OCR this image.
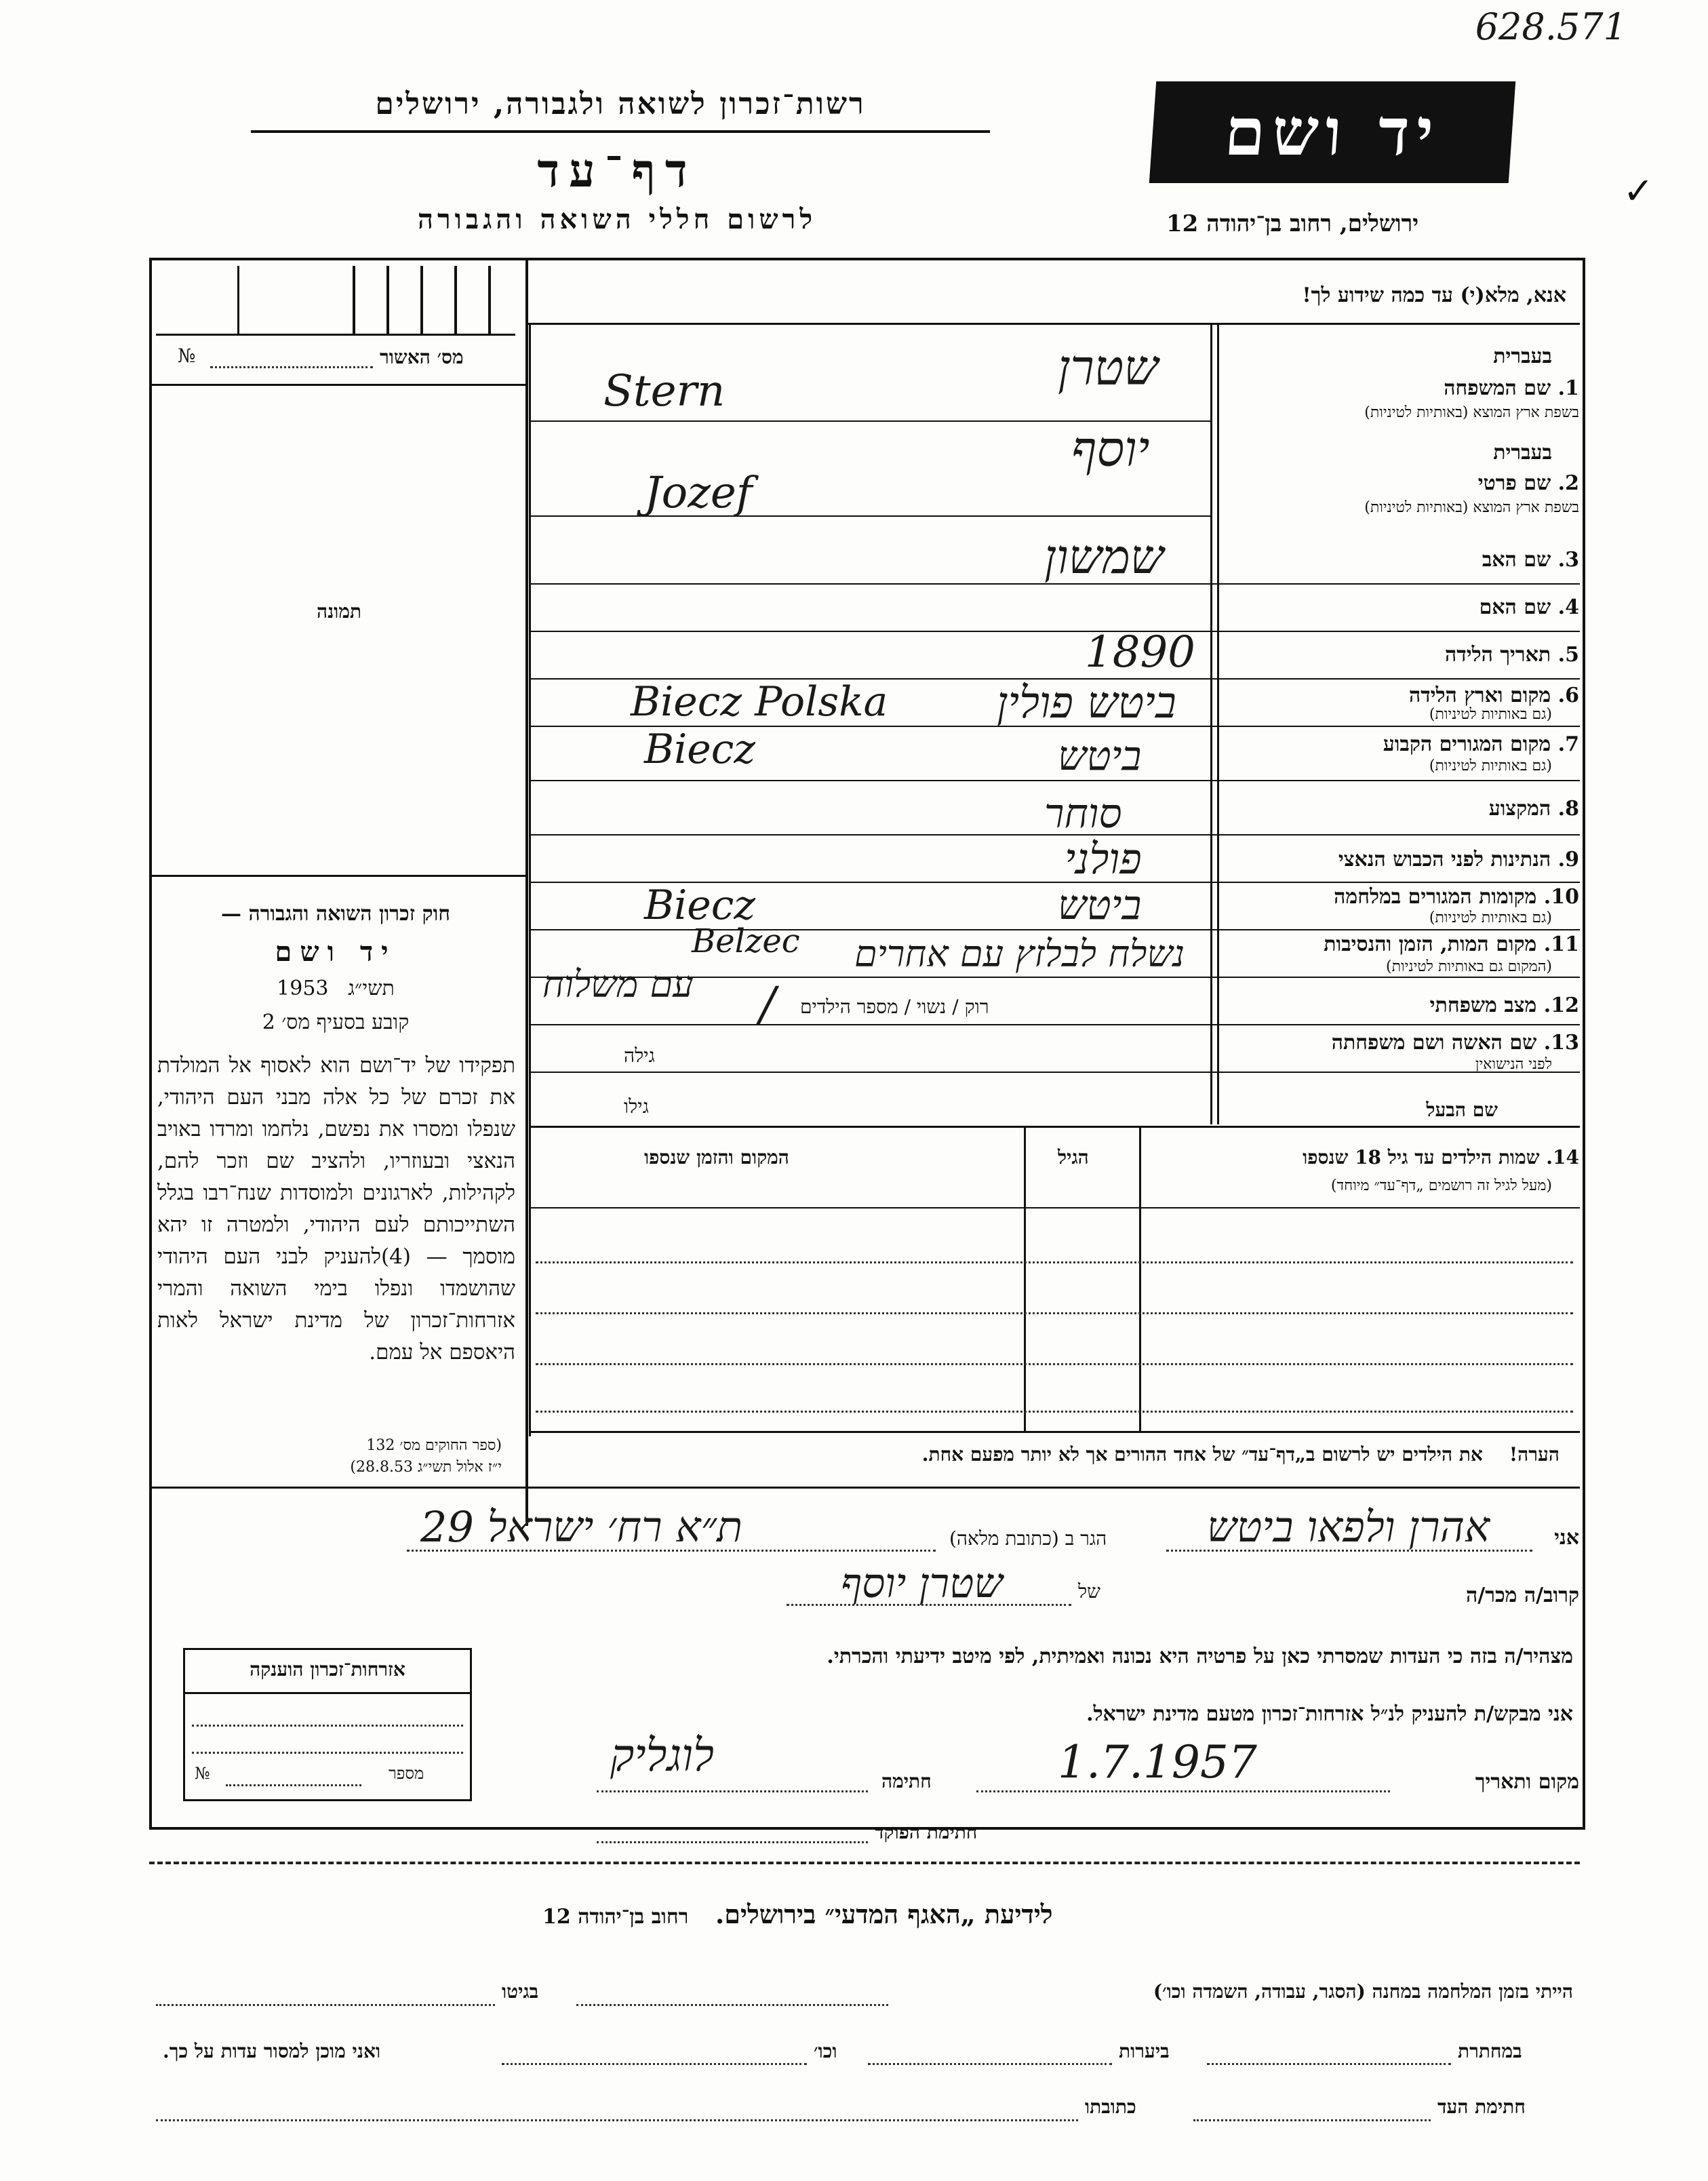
628.571
✓
רשות־זכרון לשואה ולגבורה, ירושלים
דף־עד
לרשום חללי השואה והגבורה
יד ושם
ירושלים, רחוב בן־יהודה 12
מס׳ האשור
№
תמונה
חוק זכרון השואה והגבורה —
יד ושם
תשי״ג   1953
קובע בסעיף מס׳ 2
תפקידו של יד־ושם הוא לאסוף אל המולדת את זכרם של כל אלה מבני העם היהודי, שנפלו ומסרו את נפשם, נלחמו ומרדו באויב הנאצי ובעוזריו, ולהציב שם וזכר להם, לקהילות, לארגונים ולמוסדות שנח־רבו בגלל השתייכותם לעם היהודי, ולמטרה זו יהא מוסמך — (4)להעניק לבני העם היהודי שהושמדו ונפלו בימי השואה והמרי אזרחות־זכרון של מדינת ישראל לאות היאספם אל עמם.
(ספר החוקים מס׳ 132
י״ז אלול תשי״ג 28.8.53)
אזרחות־זכרון הוענקה
№	מספר
אנא, מלא(י) עד כמה שידוע לך!
בעברית
1. שם המשפחה
בשפת ארץ המוצא (באותיות לטיניות)
שטרן
Stern
בעברית
2. שם פרטי
בשפת ארץ המוצא (באותיות לטיניות)
יוסף
Jozef
3. שם האב
שמשון
4. שם האם
5. תאריך הלידה
1890
6. מקום וארץ הלידה
(גם באותיות לטיניות)
ביטש פולין
Biecz Polska
7. מקום המגורים הקבוע
(גם באותיות לטיניות)
ביטש
Biecz
8. המקצוע
סוחר
9. הנתינות לפני הכבוש הנאצי
פולני
10. מקומות המגורים במלחמה
(גם באותיות לטיניות)
ביטש
Biecz
11. מקום המות, הזמן והנסיבות
(המקום גם באותיות לטיניות)
נשלח לבלזץ עם אחרים
Belzec
עם משלוח	12. מצב משפחתי
רוק / נשוי / מספר הילדים
/
13. שם האשה ושם משפחתה
לפני הנישואין
גילה
שם הבעל
גילו
14. שמות הילדים עד גיל 18 שנספו
(מעל לגיל זה רושמים „דף־עד״ מיוחד)
הגיל
המקום והזמן שנספו
הערה!    את הילדים יש לרשום ב„דף־עד״ של אחד ההורים אך לא יותר מפעם אחת.
אני
אהרן ולפאו ביטש
הגר ב (כתובת מלאה)
ת״א רח׳ ישראל 29
קרוב/ה מכר/ה
של
שטרן יוסף
מצהיר/ה בזה כי העדות שמסרתי כאן על פרטיה היא נכונה ואמיתית, לפי מיטב ידיעתי והכרתי.
אני מבקש/ת להעניק לנ״ל אזרחות־זכרון מטעם מדינת ישראל.
מקום ותאריך
1.7.1957
חתימה
לוגליק
חתימת הפוקד
לידיעת „האגף המדעי״ בירושלים.   רחוב בן־יהודה 12
הייתי בזמן המלחמה במחנה (הסגר, עבודה, השמדה וכו׳)
בגיטו
במחתרת
ביערות
וכו׳
ואני מוכן למסור עדות על כך.
חתימת העד
כתובתו
